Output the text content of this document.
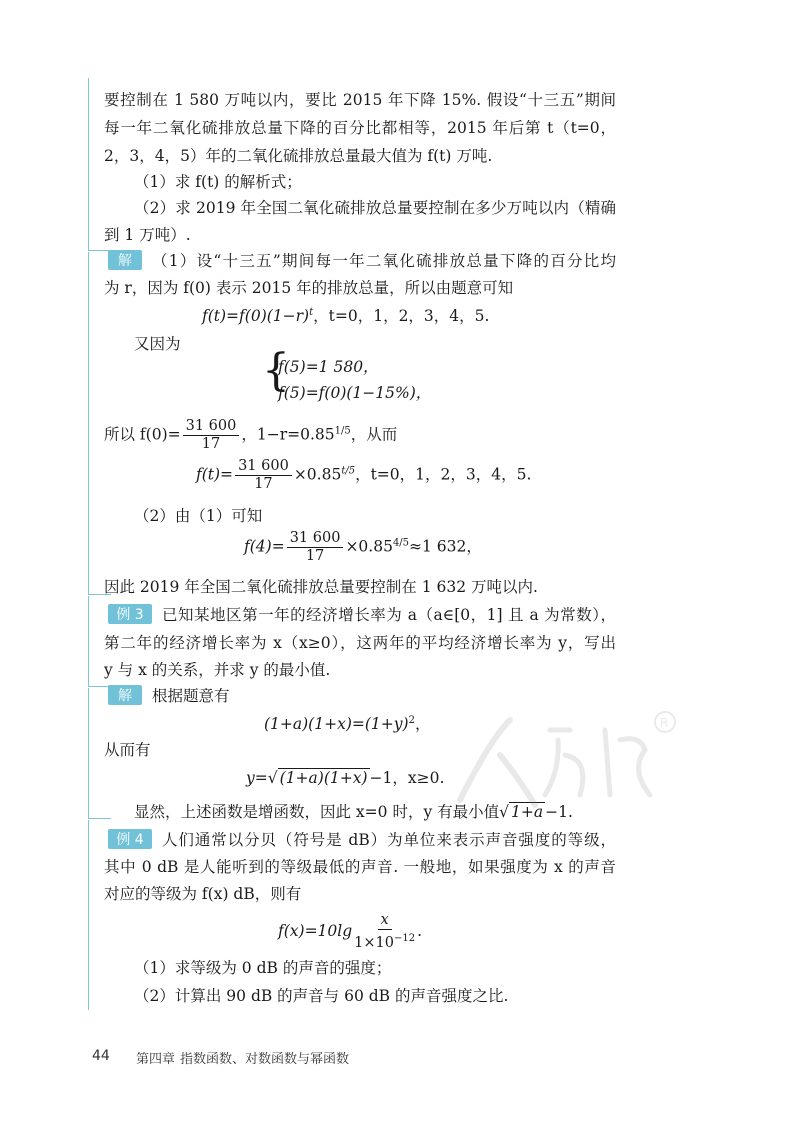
要控制在 1 580 万吨以内，要比 2015 年下降 15%. 假设“十三五”期间
每一年二氧化硫排放总量下降的百分比都相等，2015 年后第 t（t=0，
2，3，4，5）年的二氧化硫排放总量最大值为 f(t) 万吨.
（1）求 f(t) 的解析式；
（2）求 2019 年全国二氧化硫排放总量要控制在多少万吨以内（精确
到 1 万吨）.
解	（1）设“十三五”期间每一年二氧化硫排放总量下降的百分比均
为 r，因为 f(0) 表示 2015 年的排放总量，所以由题意可知
$f(t)=f(0)(1-r)^t$，t=0，1，2，3，4，5.
又因为
{
f(5)=1 580，
f(5)=f(0)(1−15%)，
所以 $f(0)= \frac{31 600}{17}$ ，$1-r=0.85^{1/5}$，从而
$f(t)= \frac{31 600}{17} \times 0.85^{t/5}$，t=0，1，2，3，4，5.
（2）由（1）可知
$f(4)= \frac{31 600}{17} \times 0.85^{4/5}\approx 1$ 632，
因此 2019 年全国二氧化硫排放总量要控制在 1 632 万吨以内.
例 3	已知某地区第一年的经济增长率为 a（a∈[0，1] 且 a 为常数），
第二年的经济增长率为 x（x≥0），这两年的平均经济增长率为 y，写出
y 与 x 的关系，并求 y 的最小值.
解	根据题意有
$(1+a)(1+x)=(1+y)^2$，
从而有
y=√ (1+a)(1+x) −1，x≥0.
显然，上述函数是增函数，因此 x=0 时，y 有最小值√ 1+a −1.
例 4	人们通常以分贝（符号是 dB）为单位来表示声音强度的等级，
其中 0 dB 是人能听到的等级最低的声音. 一般地，如果强度为 x 的声音
对应的等级为 f(x) dB，则有
$f(x)=10\lg \frac{x}{1\times 10^{-12}}$ .
（1）求等级为 0 dB 的声音的强度；
（2）计算出 90 dB 的声音与 60 dB 的声音强度之比.
R
44 第四章 指数函数、对数函数与幂函数
